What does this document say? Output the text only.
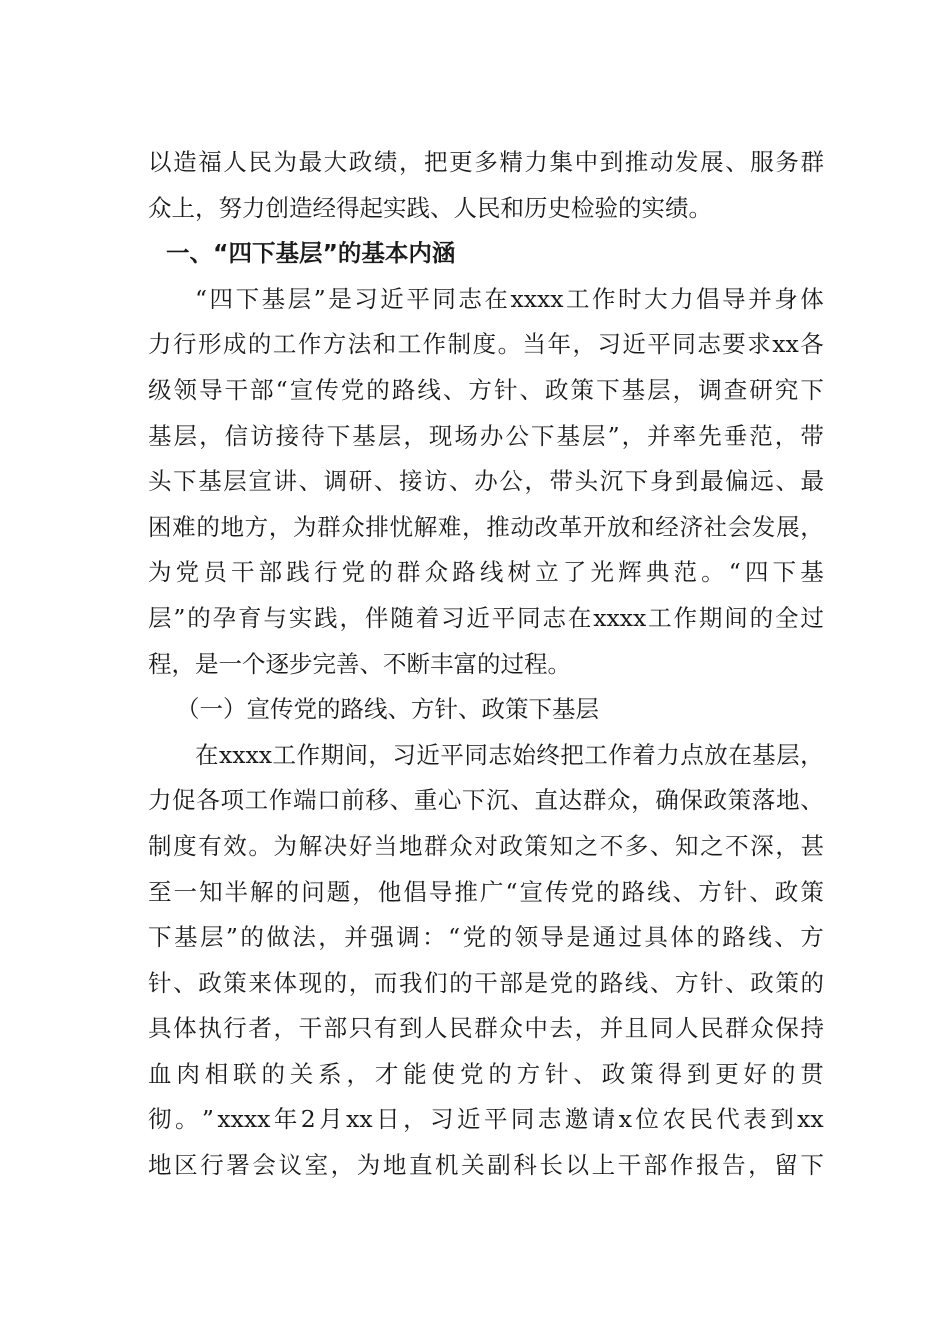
以 造 福 人 民 为 最 大 政 绩 ， 把 更 多 精 力 集 中 到 推 动 发 展 、 服 务 群
众上，努力创造经得起实践、人民和历史检验的实绩。
一、“四下基层”的基本内涵
“ 四 下 基 层 ” 是 习 近 平 同 志 在 xxxx 工 作 时 大 力 倡 导 并 身 体
力 行 形 成 的 工 作 方 法 和 工 作 制 度 。 当 年 ， 习 近 平 同 志 要 求 xx 各
级 领 导 干 部 “ 宣 传 党 的 路 线 、 方 针 、 政 策 下 基 层 ， 调 查 研 究 下
基 层 ， 信 访 接 待 下 基 层 ， 现 场 办 公 下 基 层 ” ， 并 率 先 垂 范 ， 带
头 下 基 层 宣 讲 、 调 研 、 接 访 、 办 公 ， 带 头 沉 下 身 到 最 偏 远 、 最
困 难 的 地 方 ， 为 群 众 排 忧 解 难 ， 推 动 改 革 开 放 和 经 济 社 会 发 展 ，
为 党 员 干 部 践 行 党 的 群 众 路 线 树 立 了 光 辉 典 范 。 “ 四 下 基
层 ” 的 孕 育 与 实 践 ， 伴 随 着 习 近 平 同 志 在 xxxx 工 作 期 间 的 全 过
程，是一个逐步完善、不断丰富的过程。
（一）宣传党的路线、方针、政策下基层
在 xxxx 工 作 期 间 ， 习 近 平 同 志 始 终 把 工 作 着 力 点 放 在 基 层 ，
力 促 各 项 工 作 端 口 前 移 、 重 心 下 沉 、 直 达 群 众 ， 确 保 政 策 落 地 、
制 度 有 效 。 为 解 决 好 当 地 群 众 对 政 策 知 之 不 多 、 知 之 不 深 ， 甚
至 一 知 半 解 的 问 题 ， 他 倡 导 推 广 “ 宣 传 党 的 路 线 、 方 针 、 政 策
下 基 层 ” 的 做 法 ， 并 强 调 ： “ 党 的 领 导 是 通 过 具 体 的 路 线 、 方
针 、 政 策 来 体 现 的 ， 而 我 们 的 干 部 是 党 的 路 线 、 方 针 、 政 策 的
具 体 执 行 者 ， 干 部 只 有 到 人 民 群 众 中 去 ， 并 且 同 人 民 群 众 保 持
血 肉 相 联 的 关 系 ， 才 能 使 党 的 方 针 、 政 策 得 到 更 好 的 贯
彻 。 ” xxxx 年 2 月 xx 日 ， 习 近 平 同 志 邀 请 x 位 农 民 代 表 到 xx
地 区 行 署 会 议 室 ， 为 地 直 机 关 副 科 长 以 上 干 部 作 报 告 ， 留 下
